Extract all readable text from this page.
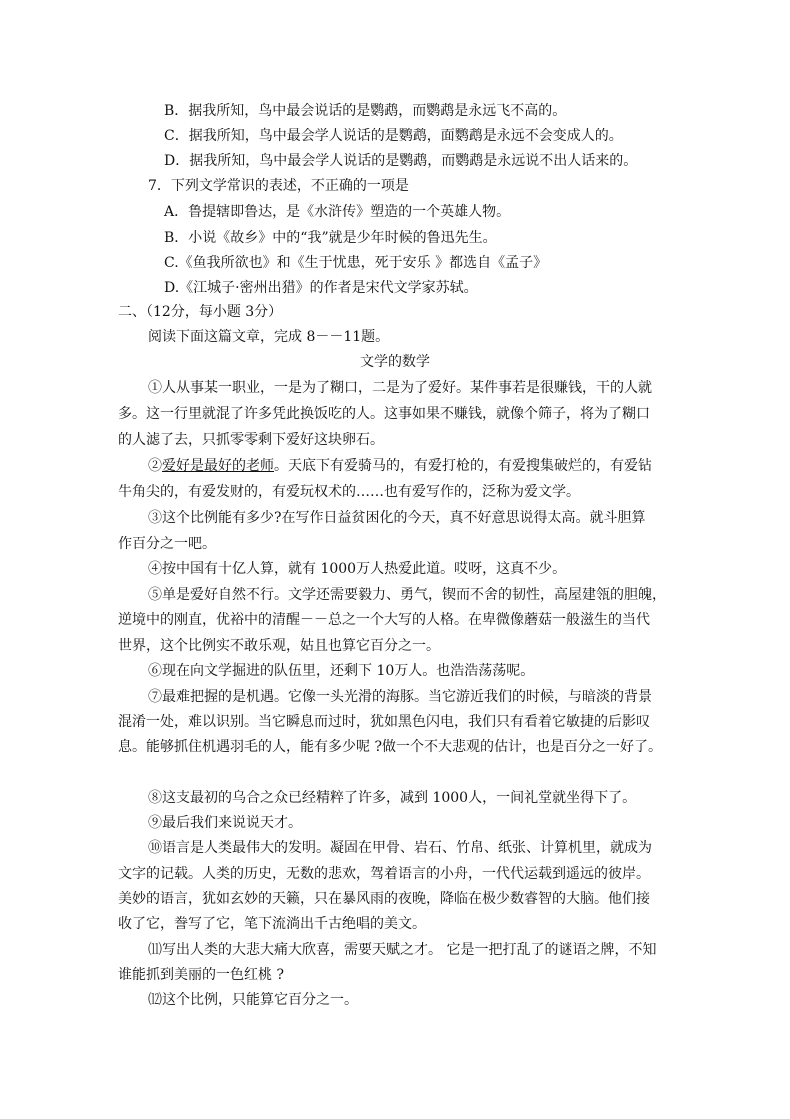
B．据我所知，鸟中最会说话的是鹦鹉，而鹦鹉是永远飞不高的。
C．据我所知，鸟中最会学人说话的是鹦鹉，面鹦鹉是永远不会变成人的。
D．据我所知，鸟中最会学人说话的是鹦鹉，而鹦鹉是永远说不出人话来的。
7．下列文学常识的表述，不正确的一项是
A．鲁提辖即鲁达，是《水浒传》塑造的一个英雄人物。
B．小说《故乡》中的“我”就是少年时候的鲁迅先生。
C.《鱼我所欲也》和《生于忧患，死于安乐 》都选自《孟子》
D.《江城子·密州出猎》的作者是宋代文学家苏轼。
二、（12分，每小题 3分）
阅读下面这篇文章，完成 8－－11题。
文学的数学
①人从事某一职业，一是为了糊口，二是为了爱好。某件事若是很赚钱，干的人就
多。这一行里就混了许多凭此换饭吃的人。这事如果不赚钱，就像个筛子，将为了糊口
的人滤了去，只抓零零剩下爱好这块卵石。
②爱好是最好的老师。天底下有爱骑马的，有爱打枪的，有爱搜集破烂的，有爱钻
牛角尖的，有爱发财的，有爱玩权术的……也有爱写作的，泛称为爱文学。
③这个比例能有多少?在写作日益贫困化的今天，真不好意思说得太高。就斗胆算
作百分之一吧。
④按中国有十亿人算，就有 1000万人热爱此道。哎呀，这真不少。
⑤单是爱好自然不行。文学还需要毅力、勇气，锲而不舍的韧性，高屋建瓴的胆魄，
逆境中的刚直，优裕中的清醒－－总之一个大写的人格。在卑微像蘑菇一般滋生的当代
世界，这个比例实不敢乐观，姑且也算它百分之一。
⑥现在向文学掘进的队伍里，还剩下 10万人。也浩浩荡荡呢。
⑦最难把握的是机遇。它像一头光滑的海豚。当它游近我们的时候，与暗淡的背景
混淆一处，难以识别。当它瞬息而过时，犹如黑色闪电，我们只有看着它敏捷的后影叹
息。能够抓住机遇羽毛的人，能有多少呢 ?做一个不大悲观的估计，也是百分之一好了。
⑧这支最初的乌合之众已经精粹了许多，减到 1000人，一间礼堂就坐得下了。
⑨最后我们来说说天才。
⑩语言是人类最伟大的发明。凝固在甲骨、岩石、竹帛、纸张、计算机里，就成为
文字的记载。人类的历史，无数的悲欢，驾着语言的小舟，一代代运载到遥远的彼岸。
美妙的语言，犹如玄妙的天籁，只在暴风雨的夜晚，降临在极少数睿智的大脑。他们接
收了它，誊写了它，笔下流淌出千古绝唱的美文。
⑾写出人类的大悲大痛大欣喜，需要天赋之才。 它是一把打乱了的谜语之牌，不知
谁能抓到美丽的一色红桃 ?
⑿这个比例，只能算它百分之一。
